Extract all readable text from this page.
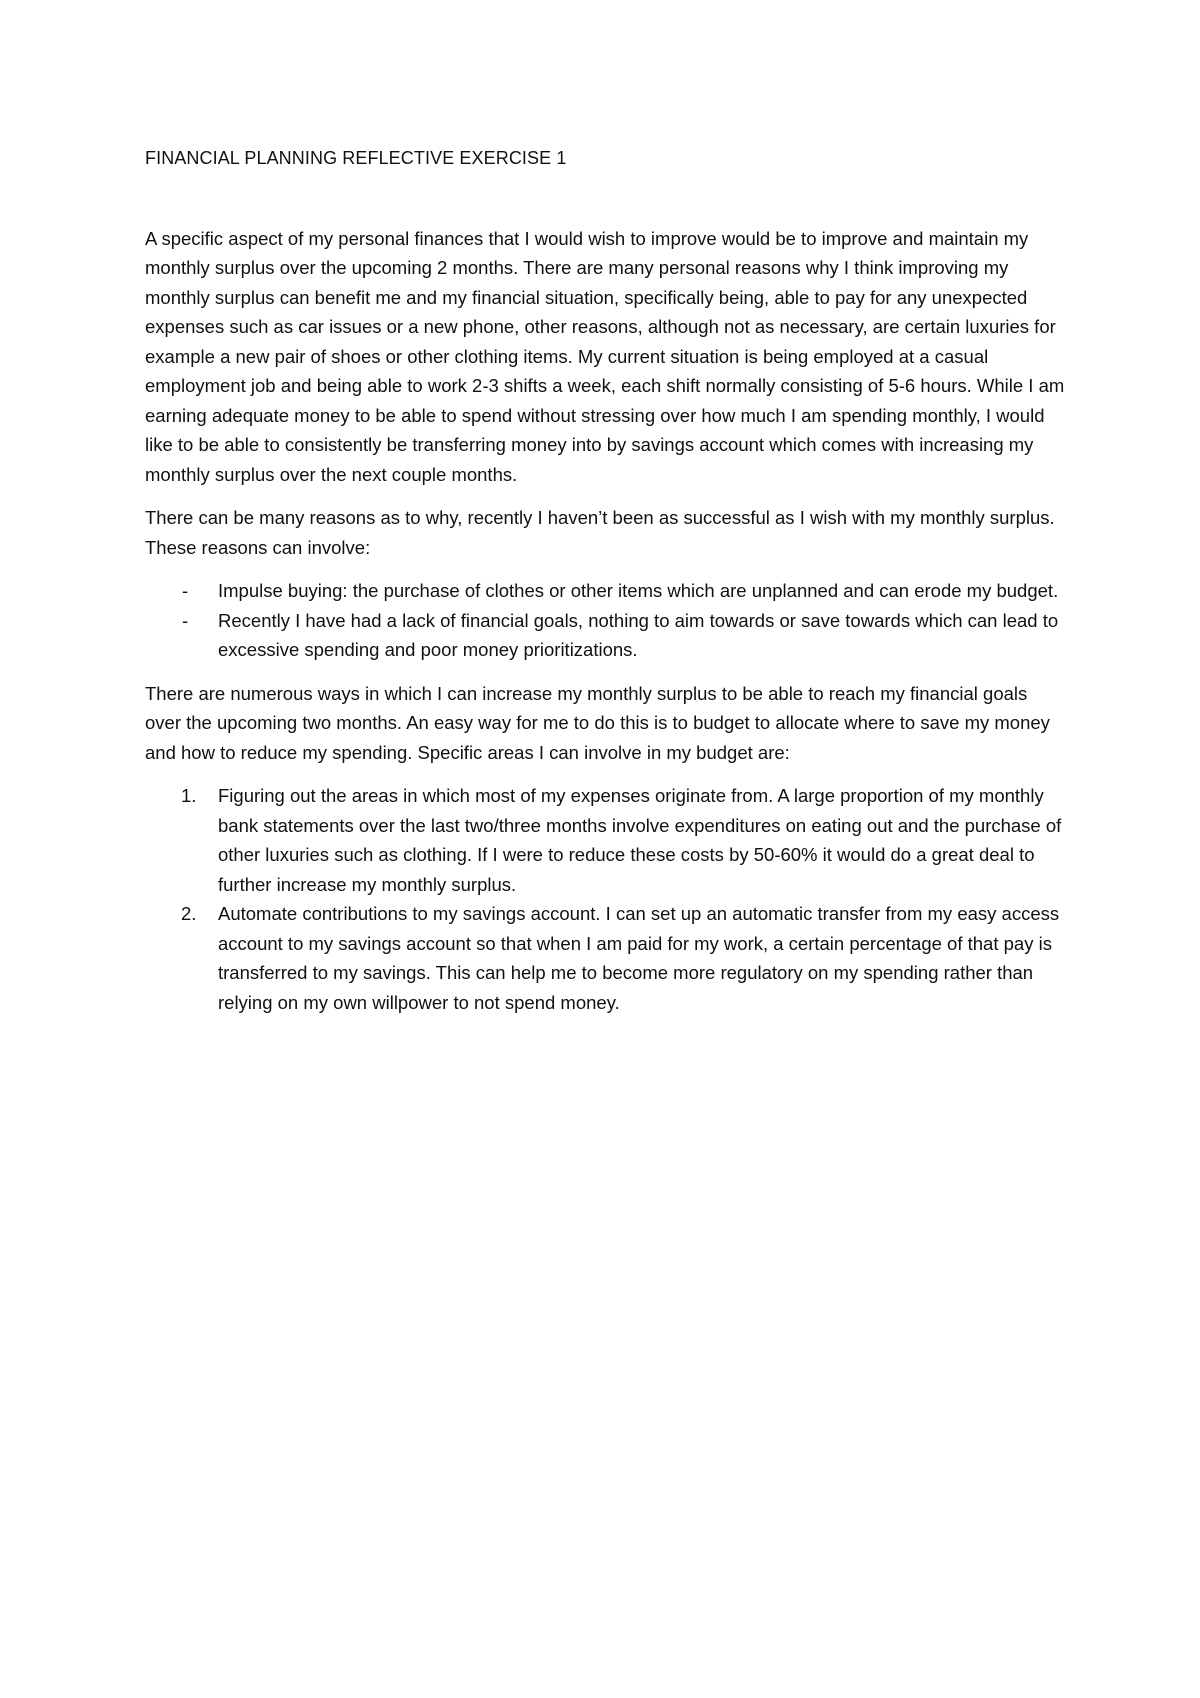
FINANCIAL PLANNING REFLECTIVE EXERCISE 1

A specific aspect of my personal finances that I would wish to improve would be to improve and maintain my monthly surplus over the upcoming 2 months. There are many personal reasons why I think improving my monthly surplus can benefit me and my financial situation, specifically being, able to pay for any unexpected expenses such as car issues or a new phone, other reasons, although not as necessary, are certain luxuries for example a new pair of shoes or other clothing items. My current situation is being employed at a casual employment job and being able to work 2-3 shifts a week, each shift normally consisting of 5-6 hours. While I am earning adequate money to be able to spend without stressing over how much I am spending monthly, I would like to be able to consistently be transferring money into by savings account which comes with increasing my monthly surplus over the next couple months.

There can be many reasons as to why, recently I haven’t been as successful as I wish with my monthly surplus. These reasons can involve:

- Impulse buying: the purchase of clothes or other items which are unplanned and can erode my budget.
- Recently I have had a lack of financial goals, nothing to aim towards or save towards which can lead to excessive spending and poor money prioritizations.

There are numerous ways in which I can increase my monthly surplus to be able to reach my financial goals over the upcoming two months. An easy way for me to do this is to budget to allocate where to save my money and how to reduce my spending. Specific areas I can involve in my budget are:

1. Figuring out the areas in which most of my expenses originate from. A large proportion of my monthly bank statements over the last two/three months involve expenditures on eating out and the purchase of other luxuries such as clothing. If I were to reduce these costs by 50-60% it would do a great deal to further increase my monthly surplus.
2. Automate contributions to my savings account. I can set up an automatic transfer from my easy access account to my savings account so that when I am paid for my work, a certain percentage of that pay is transferred to my savings. This can help me to become more regulatory on my spending rather than relying on my own willpower to not spend money.
